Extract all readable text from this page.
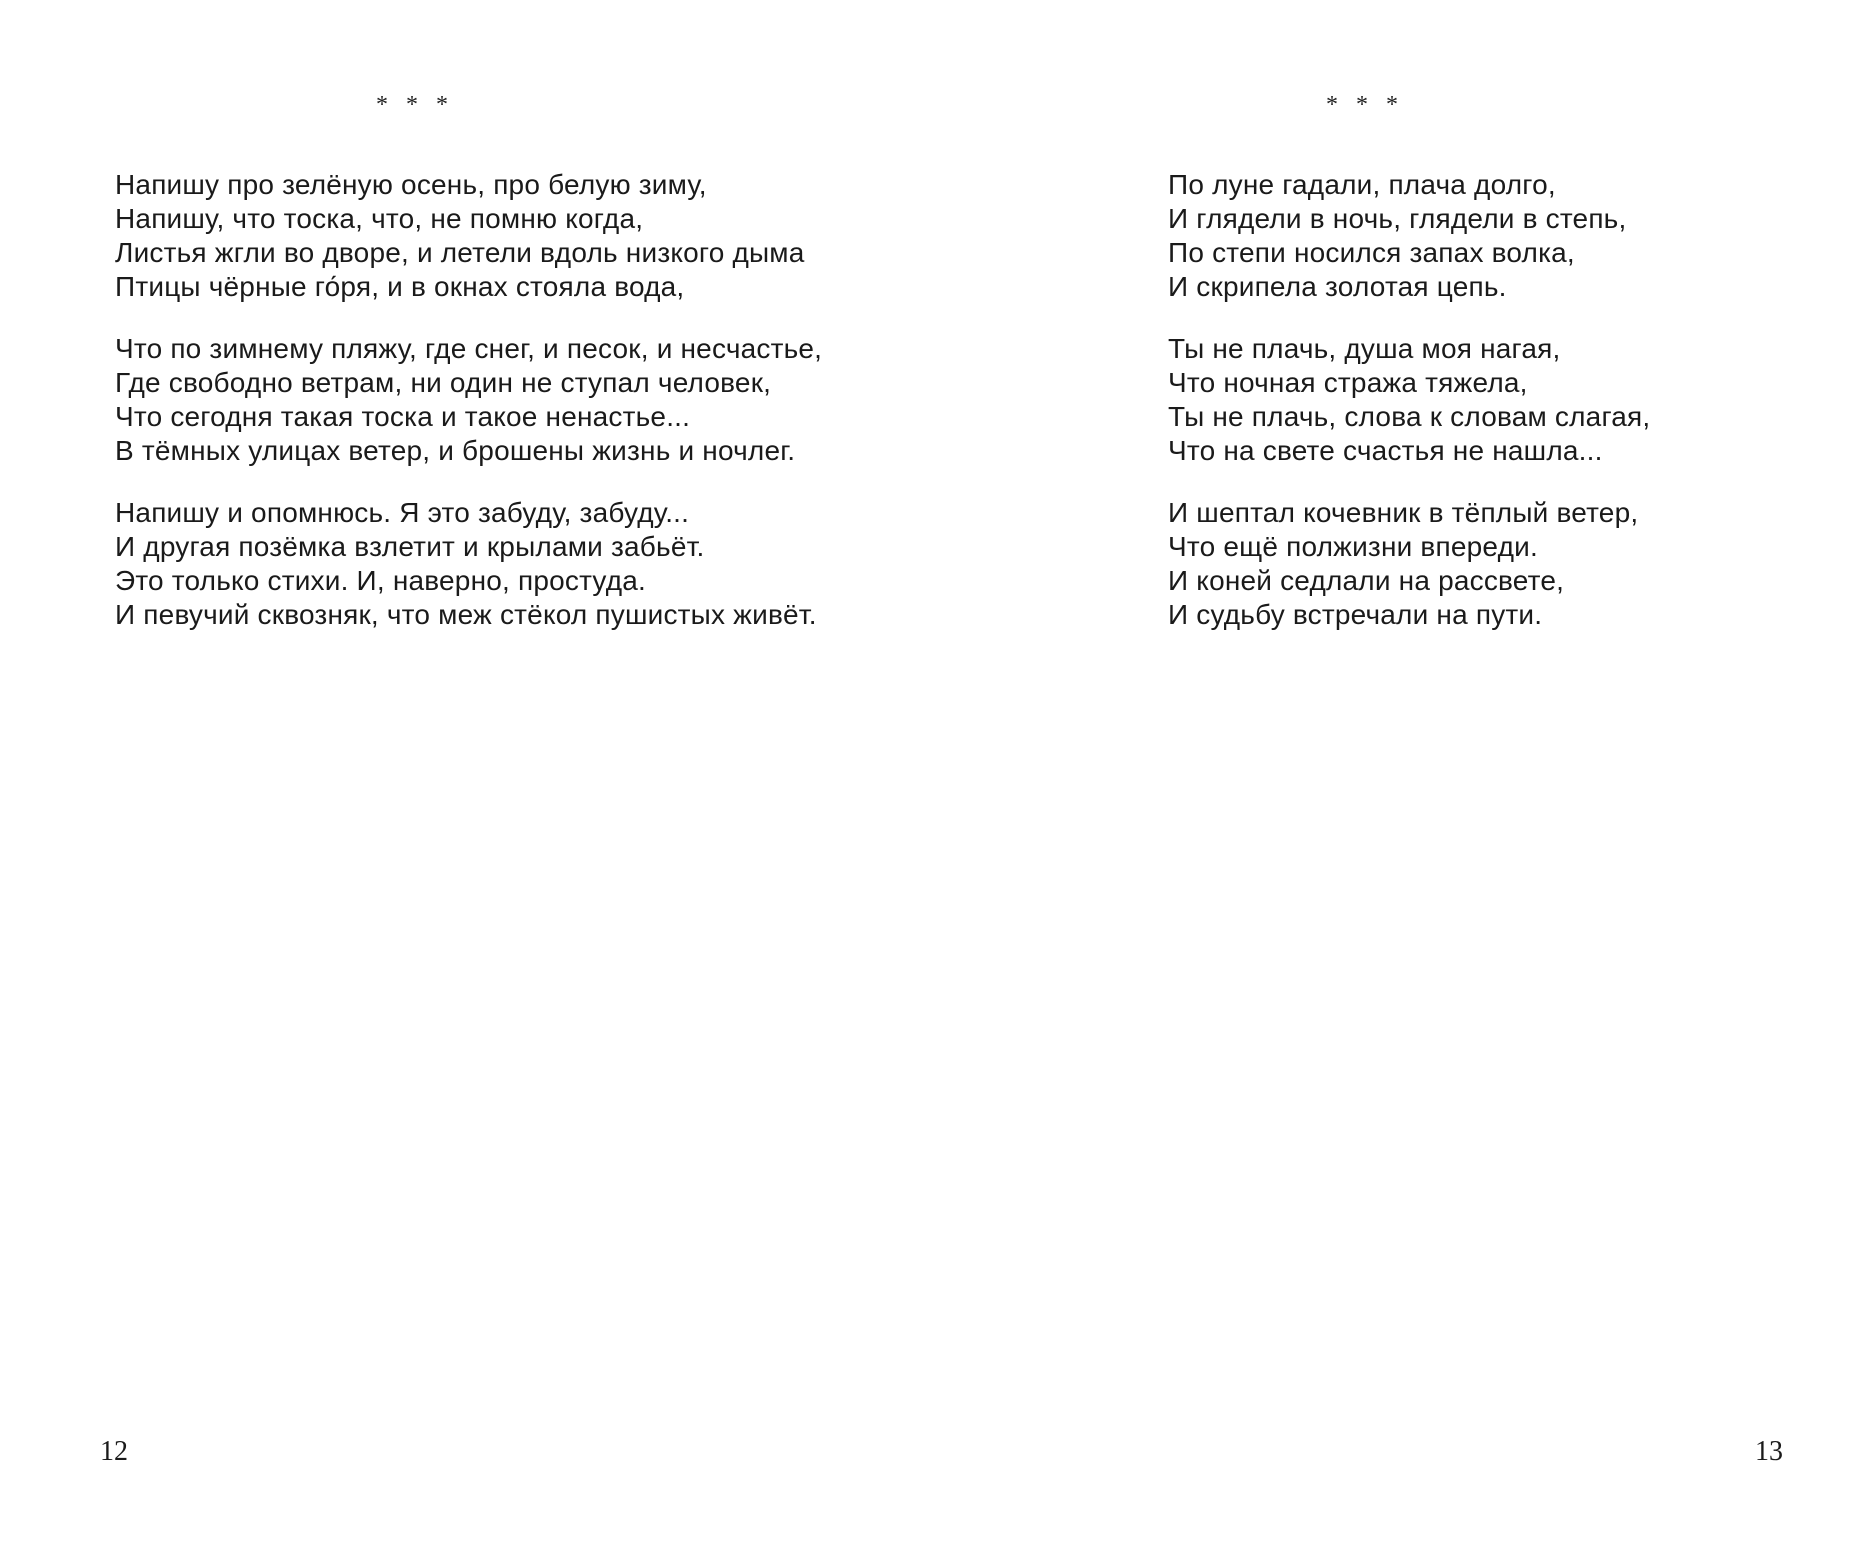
* * *
Напишу про зелёную осень, про белую зиму,
Напишу, что тоска, что, не помню когда,
Листья жгли во дворе, и летели вдоль низкого дыма
Птицы чёрные го́ря, и в окнах стояла вода,
Что по зимнему пляжу, где снег, и песок, и несчастье,
Где свободно ветрам, ни один не ступал человек,
Что сегодня такая тоска и такое ненастье...
В тёмных улицах ветер, и брошены жизнь и ночлег.
Напишу и опомнюсь. Я это забуду, забуду...
И другая позёмка взлетит и крылами забьёт.
Это только стихи. И, наверно, простуда.
И певучий сквозняк, что меж стёкол пушистых живёт.
12
* * *
По луне гадали, плача долго,
И глядели в ночь, глядели в степь,
По степи носился запах волка,
И скрипела золотая цепь.
Ты не плачь, душа моя нагая,
Что ночная стража тяжела,
Ты не плачь, слова к словам слагая,
Что на свете счастья не нашла...
И шептал кочевник в тёплый ветер,
Что ещё полжизни впереди.
И коней седлали на рассвете,
И судьбу встречали на пути.
13
